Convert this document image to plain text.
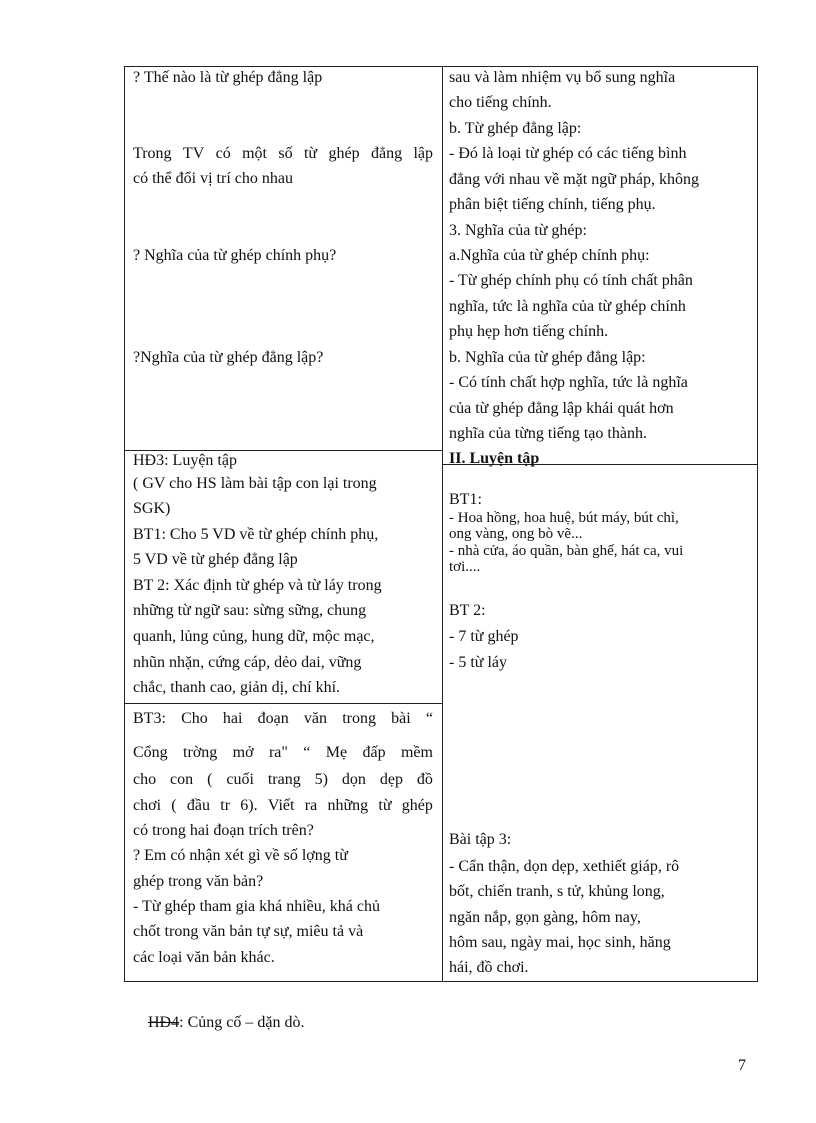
? Thế nào là từ ghép đẳng lập
Trong TV có một số từ ghép đẳng lập
có thể đổi vị trí cho nhau
? Nghĩa của từ ghép chính phụ?
?Nghĩa của từ ghép đẳng lập?
HĐ3: Luyện tập
( GV cho HS làm bài tập con lại trong
SGK)
BT1: Cho 5 VD về từ ghép chính phụ,
5 VD về từ ghép đẳng lập
BT 2: Xác định từ ghép và từ láy trong
những từ ngữ sau: sừng sững, chung
quanh, lủng củng, hung dữ, mộc mạc,
nhũn nhặn, cứng cáp, dẻo dai, vững
chắc, thanh cao, giản dị, chí khí.
BT3: Cho hai đoạn văn trong bài “
Cổng trờng mở ra" “ Mẹ đấp mềm
cho con ( cuối trang 5) dọn dẹp đồ
chơi ( đầu tr 6). Viết ra những từ ghép
có trong hai đoạn trích trên?
? Em có nhận xét gì về số lợng từ
ghép trong văn bản?
- Từ ghép tham gia khá nhiều, khá chủ
chốt trong văn bản tự sự, miêu tả và
các loại văn bản khác.
sau và làm nhiệm vụ bổ sung nghĩa
cho tiếng chính.
b. Từ ghép đẳng lập:
- Đó là loại từ ghép có các tiếng bình
đẳng với nhau về mặt ngữ pháp, không
phân biệt tiếng chính, tiếng phụ.
3. Nghĩa của từ ghép:
a.Nghĩa của từ ghép chính phụ:
- Từ ghép chính phụ có tính chất phân
nghĩa, tức là nghĩa của từ ghép chính
phụ hẹp hơn tiếng chính.
b. Nghĩa của từ ghép đẳng lập:
- Có tính chất hợp nghĩa, tức là nghĩa
của từ ghép đẳng lập khái quát hơn
nghĩa của từng tiếng tạo thành.
II. Luyện tập
BT1:
- Hoa hồng, hoa huệ, bút máy, bút chì,
ong vàng, ong bò vẽ...
- nhà cửa, áo quần, bàn ghế, hát ca, vui
tơi....
BT 2:
- 7 từ ghép
- 5 từ láy
Bài tập 3:
- Cẩn thận, dọn dẹp, xethiết giáp, rô
bốt, chiến tranh, s tử, khủng long,
ngăn nắp, gọn gàng, hôm nay,
hôm sau, ngày mai, học sinh, hăng
hái, đồ chơi.
HĐ4: Củng cố – dặn dò.
7
